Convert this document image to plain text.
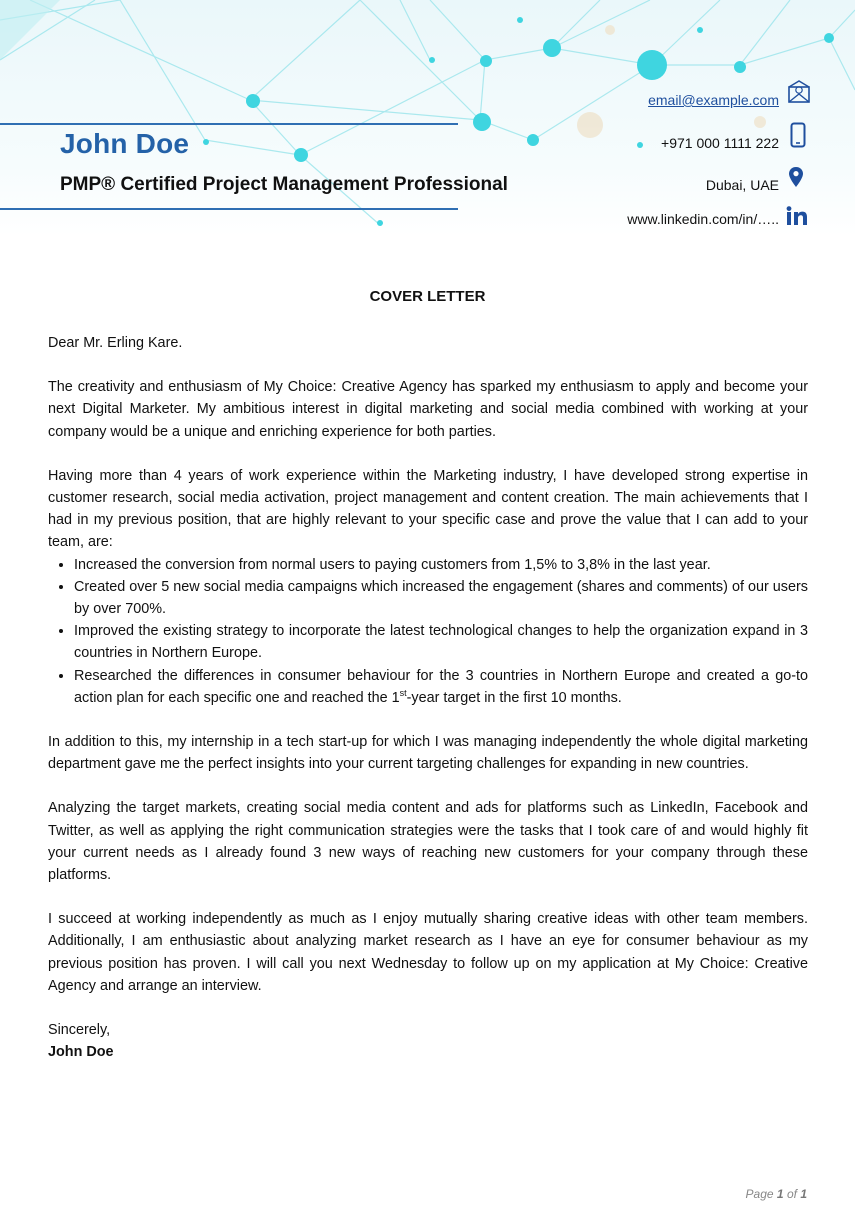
John Doe
PMP® Certified Project Management Professional
email@example.com
+971 000 1111 222
Dubai, UAE
www.linkedin.com/in/…..
COVER LETTER

Dear Mr. Erling Kare.

The creativity and enthusiasm of My Choice: Creative Agency has sparked my enthusiasm to apply and become your next Digital Marketer. My ambitious interest in digital marketing and social media combined with working at your company would be a unique and enriching experience for both parties.

Having more than 4 years of work experience within the Marketing industry, I have developed strong expertise in customer research, social media activation, project management and content creation. The main achievements that I had in my previous position, that are highly relevant to your specific case and prove the value that I can add to your team, are:

• Increased the conversion from normal users to paying customers from 1,5% to 3,8% in the last year.
• Created over 5 new social media campaigns which increased the engagement (shares and comments) of our users by over 700%.
• Improved the existing strategy to incorporate the latest technological changes to help the organization expand in 3 countries in Northern Europe.
• Researched the differences in consumer behaviour for the 3 countries in Northern Europe and created a go-to action plan for each specific one and reached the 1st-year target in the first 10 months.

In addition to this, my internship in a tech start-up for which I was managing independently the whole digital marketing department gave me the perfect insights into your current targeting challenges for expanding in new countries.

Analyzing the target markets, creating social media content and ads for platforms such as LinkedIn, Facebook and Twitter, as well as applying the right communication strategies were the tasks that I took care of and would highly fit your current needs as I already found 3 new ways of reaching new customers for your company through these platforms.

I succeed at working independently as much as I enjoy mutually sharing creative ideas with other team members. Additionally, I am enthusiastic about analyzing market research as I have an eye for consumer behaviour as my previous position has proven. I will call you next Wednesday to follow up on my application at My Choice: Creative Agency and arrange an interview.

Sincerely,

John Doe

Page 1 of 1
